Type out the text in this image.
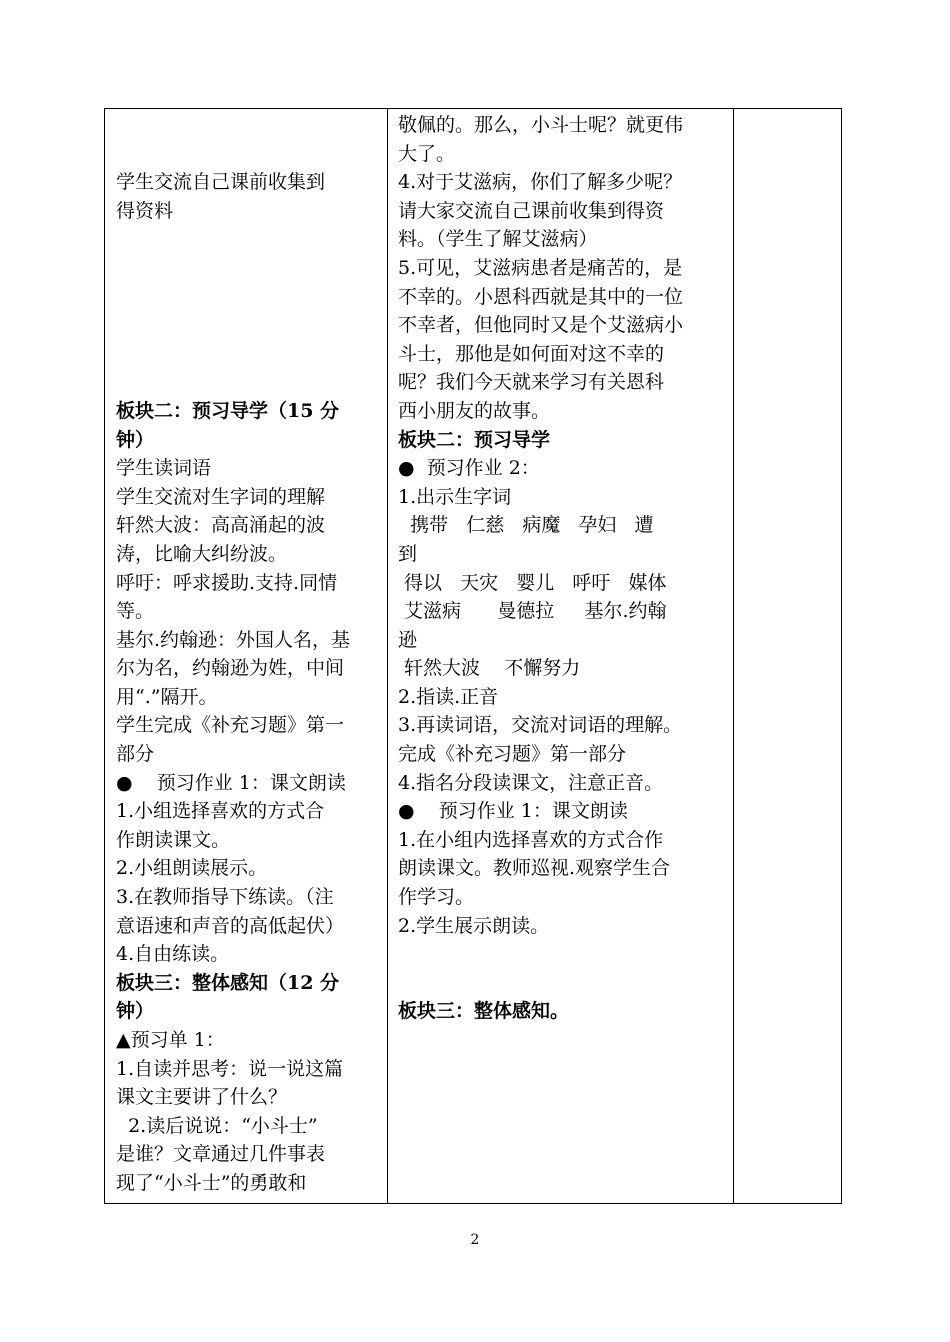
学生交流自己课前收集到
得资料
板块二：预习导学（15 分
钟）
学生读词语
学生交流对生字词的理解
轩然大波：高高涌起的波
涛，比喻大纠纷波。
呼吁：呼求援助.支持.同情
等。
基尔.约翰逊：外国人名，基
尔为名，约翰逊为姓，中间
用“.”隔开。
学生完成《补充习题》第一
部分
●    预习作业 1：课文朗读
1.小组选择喜欢的方式合
作朗读课文。
2.小组朗读展示。
3.在教师指导下练读。（注
意语速和声音的高低起伏）
4.自由练读。
板块三：整体感知（12 分
钟）
▲预习单 1：
1.自读并思考：说一说这篇
课文主要讲了什么？
2.读后说说：“小斗士”
是谁？文章通过几件事表
现了“小斗士”的勇敢和

敬佩的。那么，小斗士呢？就更伟
大了。
4.对于艾滋病，你们了解多少呢？
请大家交流自己课前收集到得资
料。（学生了解艾滋病）
5.可见，艾滋病患者是痛苦的，是
不幸的。小恩科西就是其中的一位
不幸者，但他同时又是个艾滋病小
斗士，那他是如何面对这不幸的
呢？我们今天就来学习有关恩科
西小朋友的故事。
板块二：预习导学
●  预习作业 2：
1.出示生字词
携带   仁慈   病魔   孕妇   遭
到
得以   天灾   婴儿   呼吁   媒体
艾滋病      曼德拉     基尔.约翰
逊
轩然大波    不懈努力
2.指读.正音
3.再读词语，交流对词语的理解。
完成《补充习题》第一部分
4.指名分段读课文，注意正音。
●    预习作业 1：课文朗读
1.在小组内选择喜欢的方式合作
朗读课文。教师巡视.观察学生合
作学习。
2.学生展示朗读。
板块三：整体感知。

2
